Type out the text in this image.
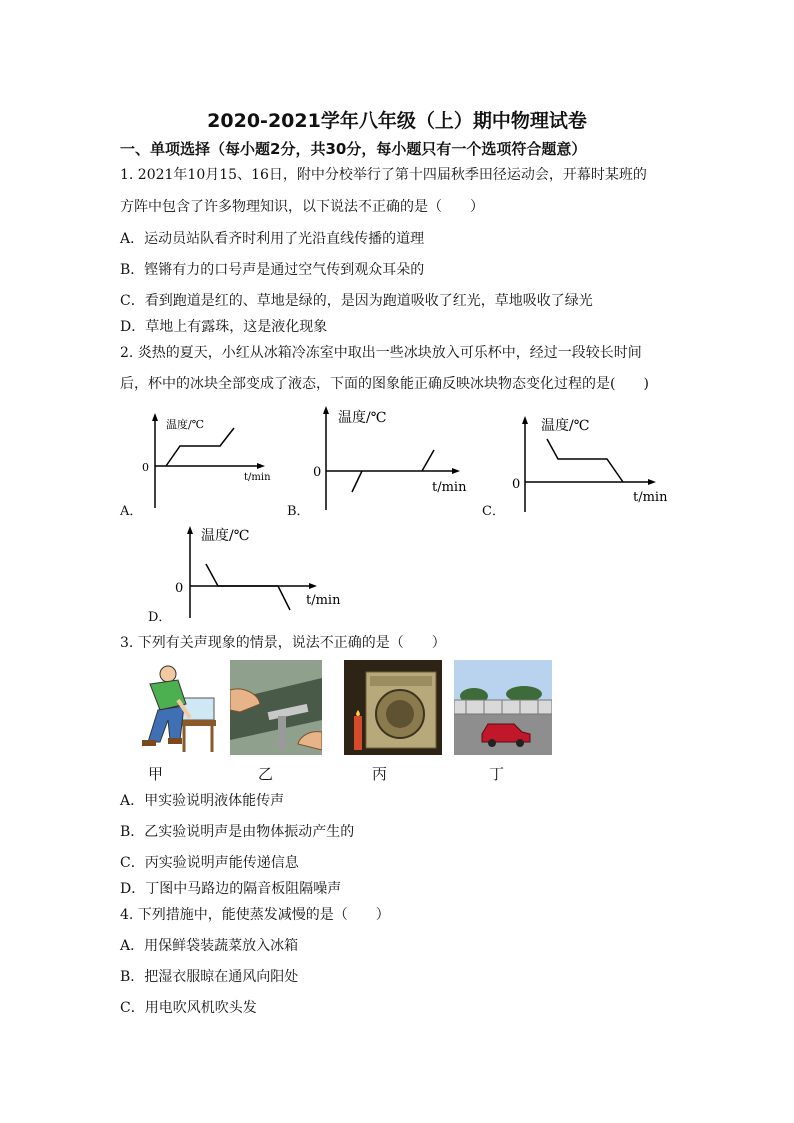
2020-2021学年八年级（上）期中物理试卷
一、单项选择（每小题2分，共30分，每小题只有一个选项符合题意）
1. 2021年10月15、16日，附中分校举行了第十四届秋季田径运动会，开幕时某班的
方阵中包含了许多物理知识，以下说法不正确的是（　　）
A．运动员站队看齐时利用了光沿直线传播的道理
B．铿锵有力的口号声是通过空气传到观众耳朵的
C．看到跑道是红的、草地是绿的，是因为跑道吸收了红光，草地吸收了绿光
D．草地上有露珠，这是液化现象
2. 炎热的夏天，小红从冰箱冷冻室中取出一些冰块放入可乐杯中，经过一段较长时间
后，杯中的冰块全部变成了液态，下面的图象能正确反映冰块物态变化过程的是(　　)
温度/℃
0
t/min
A．
温度/℃
0
t/min
B．
温度/℃
0
t/min
C．
温度/℃
0
t/min
D．
3. 下列有关声现象的情景，说法不正确的是（　　）
甲	乙	丙	丁
A．甲实验说明液体能传声
B．乙实验说明声是由物体振动产生的
C．丙实验说明声能传递信息
D．丁图中马路边的隔音板阻隔噪声
4. 下列措施中，能使蒸发减慢的是（　　）
A．用保鲜袋装蔬菜放入冰箱
B．把湿衣服晾在通风向阳处
C．用电吹风机吹头发
